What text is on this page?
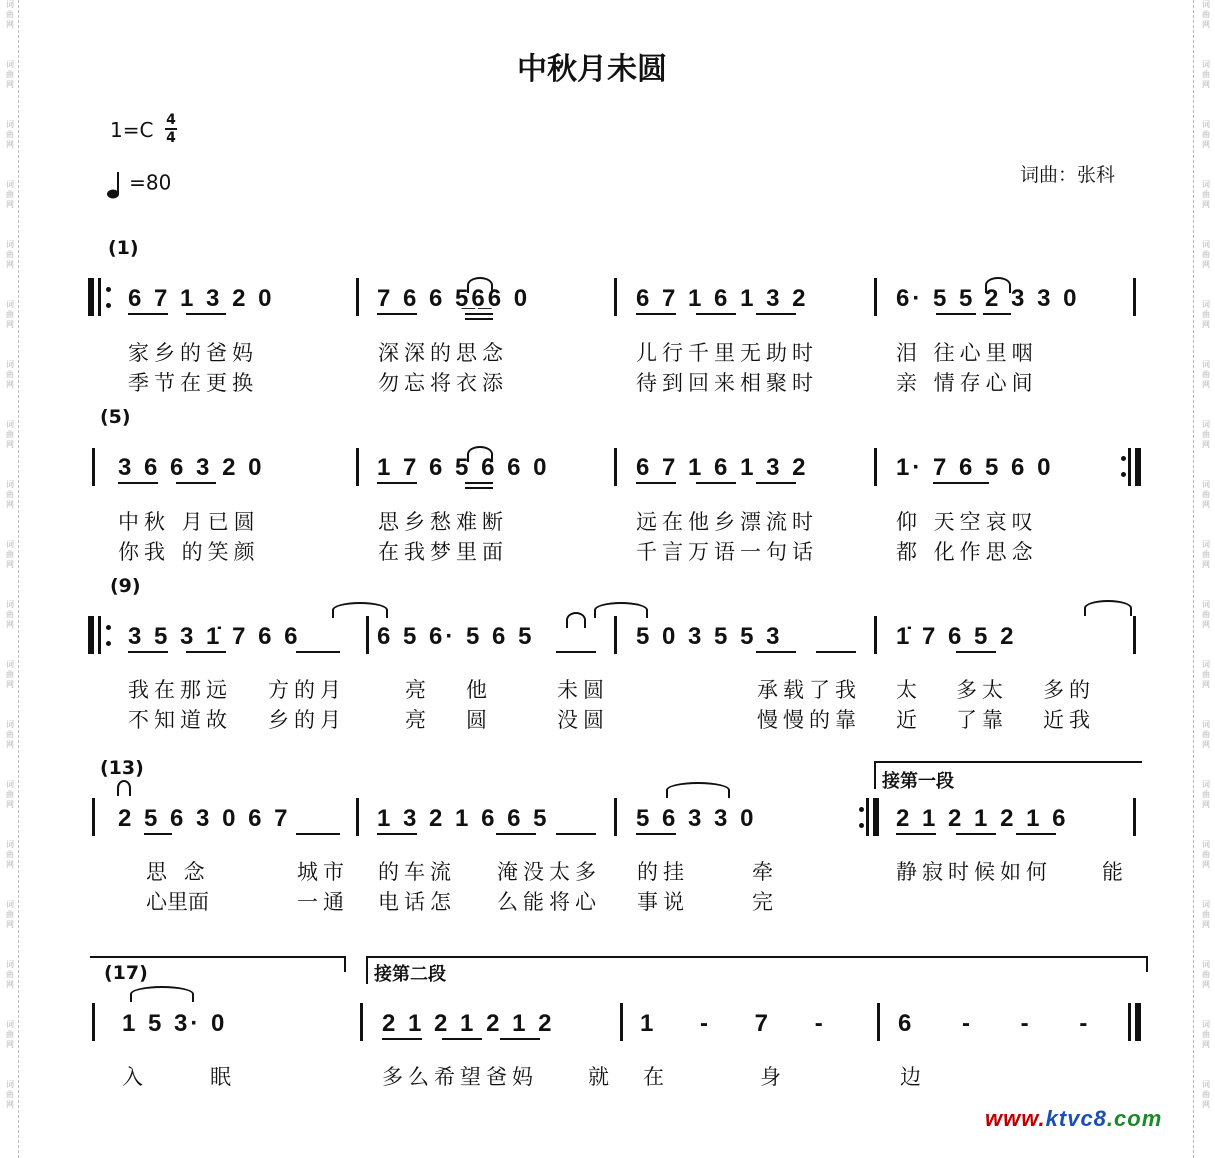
词曲网
词曲网
词曲网
词曲网
词曲网
词曲网
词曲网
词曲网
词曲网
词曲网
词曲网
词曲网
词曲网
词曲网
词曲网
词曲网
词曲网
词曲网
词曲网
词曲网
词曲网
词曲网
词曲网
词曲网
词曲网
词曲网
词曲网
词曲网
词曲网
词曲网
词曲网
词曲网
词曲网
词曲网
词曲网
词曲网
词曲网
词曲网
中秋月未圆
1=C 4
4
=80	词曲：张科
(1)
6 7 1 3 2 0	7 6 6 5̲6̲6 0	6 7 1 6 1 3 2	6· 5 5 2 3 3 0
家乡的爸妈	深深的思念	儿行千里无助时	泪 往心里咽
季节在更换	勿忘将衣添	待到回来相聚时	亲 情存心间
(5)
3 6 6 3 2 0	1 7 6 5 6 6 0	6 7 1 6 1 3 2	1· 7 6 5 6 0
中秋 月已圆	思乡愁难断	远在他乡漂流时	仰 天空哀叹
你我 的笑颜	在我梦里面	千言万语一句话	都 化作思念
(9)
3 5 3 1̇ 7 6 6	6 5 6· 5 6 5	5 0 3 5 5 3	1̇ 7 6 5 2
我在那远 方的月	亮 他	未圆	承载了我 太 多太 多的
不知道故 乡的月	亮 圆	没圆	慢慢的靠 近 了靠 近我
(13)
接第一段
2 5 6 3 0 6 7	1 3 2 1 6 6 5	5 6 3 3 0	2 1 2 1 2 1 6
思 念	城市 的车流 淹没太多 的挂	牵	静寂时候如何 能
心里面	一通 电话怎 么能将心 事说	完
(17)	接第二段
1 5 3· 0	2 1 2 1 2 1 2	1 - 7 - 6 - - -
入	眠	多么希望爸妈 就 在	身	边
www.ktvc8.com
